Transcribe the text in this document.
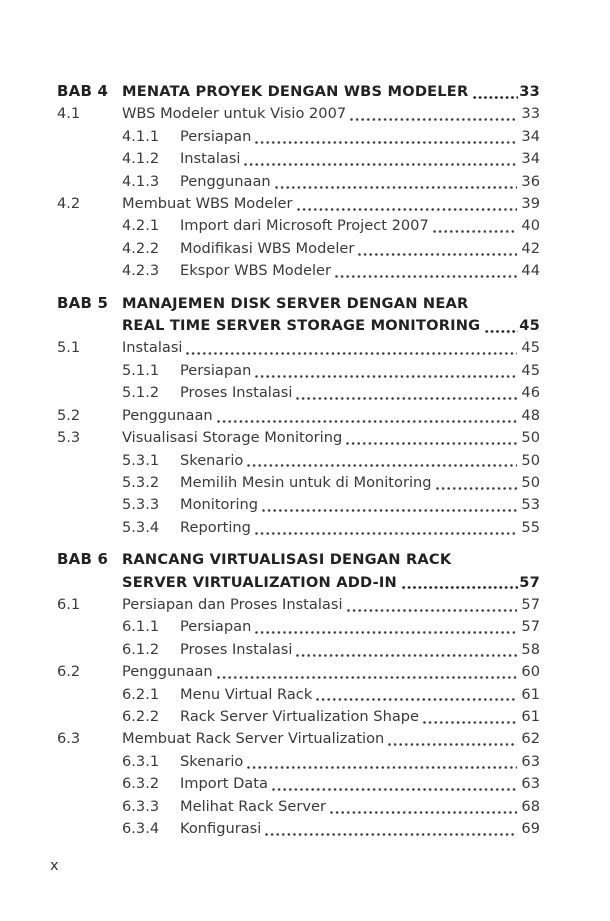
BAB 4 MENATA PROYEK DENGAN WBS MODELER	33
4.1	WBS Modeler untuk Visio 2007	33
4.1.1	Persiapan	34
4.1.2	Instalasi	34
4.1.3	Penggunaan	36
4.2	Membuat WBS Modeler	39
4.2.1	Import dari Microsoft Project 2007	40
4.2.2	Modifikasi WBS Modeler	42
4.2.3	Ekspor WBS Modeler	44
BAB 5 MANAJEMEN DISK SERVER DENGAN NEAR
REAL TIME SERVER STORAGE MONITORING	45
5.1	Instalasi	45
5.1.1	Persiapan	45
5.1.2	Proses Instalasi	46
5.2	Penggunaan	48
5.3	Visualisasi Storage Monitoring	50
5.3.1	Skenario	50
5.3.2	Memilih Mesin untuk di Monitoring	50
5.3.3	Monitoring	53
5.3.4	Reporting	55
BAB 6 RANCANG VIRTUALISASI DENGAN RACK
SERVER VIRTUALIZATION ADD-IN	57
6.1	Persiapan dan Proses Instalasi	57
6.1.1	Persiapan	57
6.1.2	Proses Instalasi	58
6.2	Penggunaan	60
6.2.1	Menu Virtual Rack	61
6.2.2	Rack Server Virtualization Shape	61
6.3	Membuat Rack Server Virtualization	62
6.3.1	Skenario	63
6.3.2	Import Data	63
6.3.3	Melihat Rack Server	68
6.3.4	Konfigurasi	69
x
